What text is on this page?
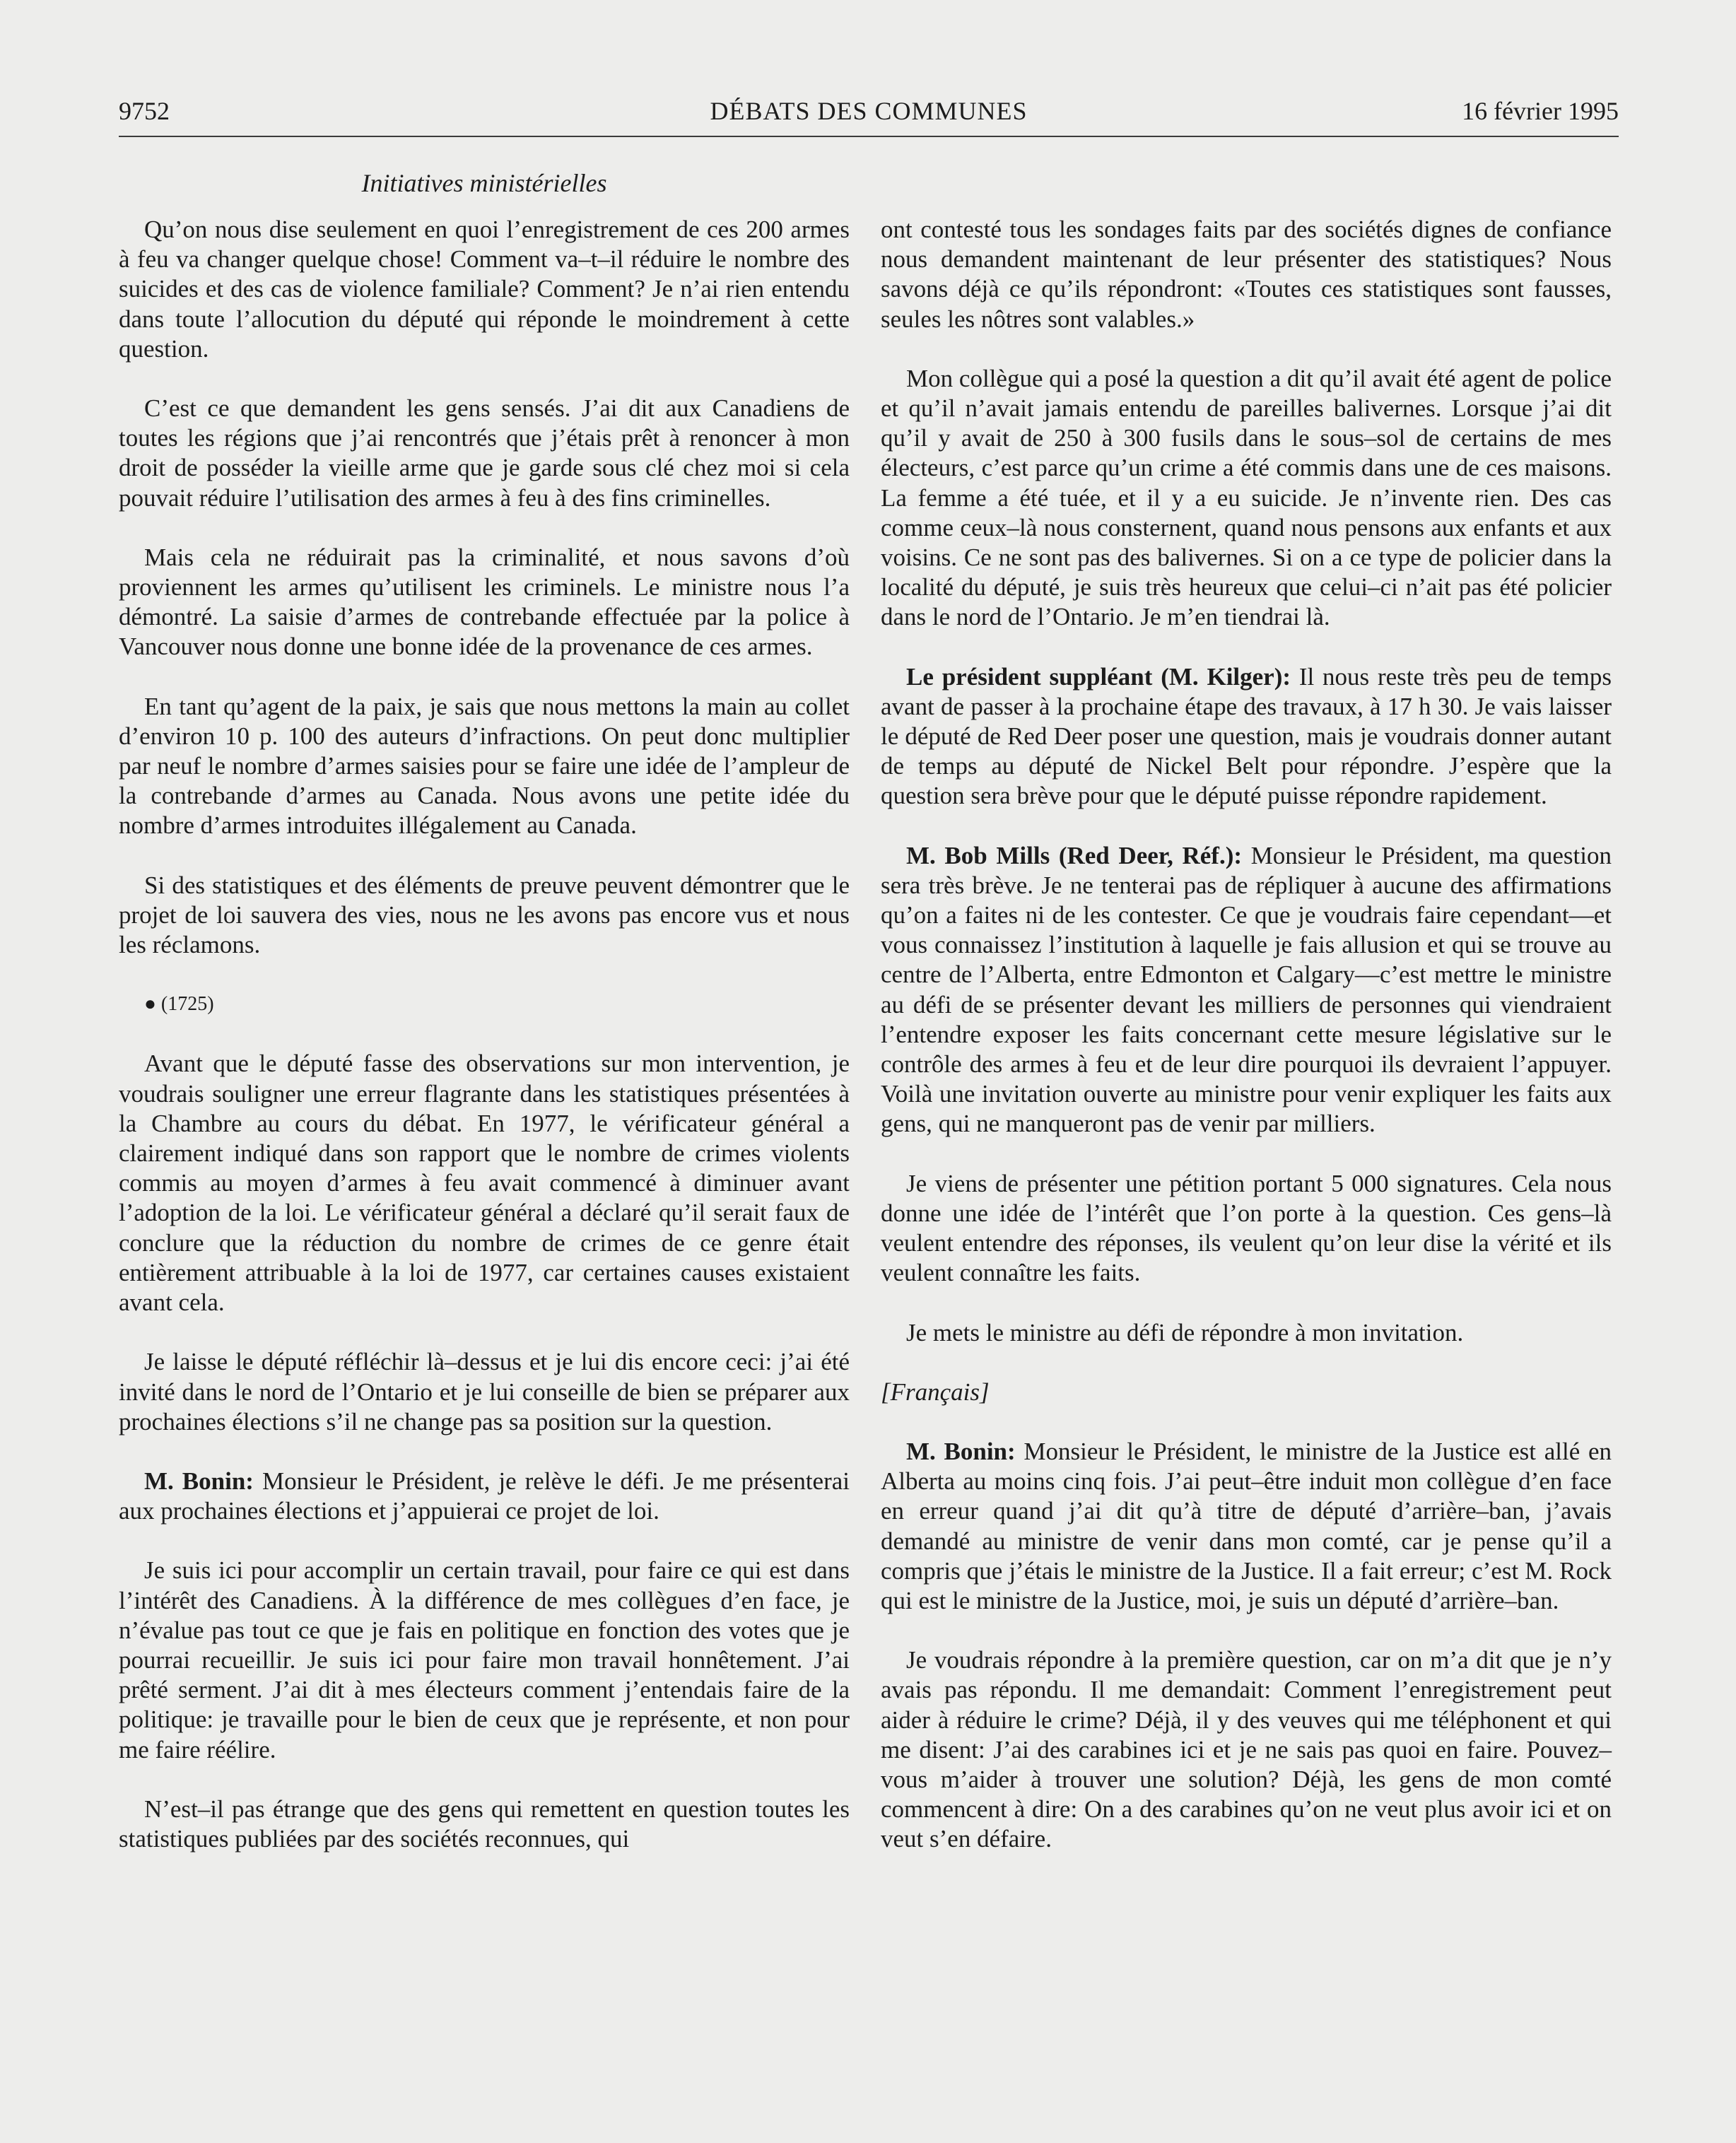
9752	DÉBATS DES COMMUNES	16 février 1995
Initiatives ministérielles

Qu’on nous dise seulement en quoi l’enregistrement de ces 200 armes à feu va changer quelque chose! Comment va–t–il réduire le nombre des suicides et des cas de violence familiale? Comment? Je n’ai rien entendu dans toute l’allocution du député qui réponde le moindrement à cette question.

C’est ce que demandent les gens sensés. J’ai dit aux Canadiens de toutes les régions que j’ai rencontrés que j’étais prêt à renoncer à mon droit de posséder la vieille arme que je garde sous clé chez moi si cela pouvait réduire l’utilisation des armes à feu à des fins criminelles.

Mais cela ne réduirait pas la criminalité, et nous savons d’où proviennent les armes qu’utilisent les criminels. Le ministre nous l’a démontré. La saisie d’armes de contrebande effectuée par la police à Vancouver nous donne une bonne idée de la provenance de ces armes.

En tant qu’agent de la paix, je sais que nous mettons la main au collet d’environ 10 p. 100 des auteurs d’infractions. On peut donc multiplier par neuf le nombre d’armes saisies pour se faire une idée de l’ampleur de la contrebande d’armes au Canada. Nous avons une petite idée du nombre d’armes introduites illégalement au Canada.

Si des statistiques et des éléments de preuve peuvent démontrer que le projet de loi sauvera des vies, nous ne les avons pas encore vus et nous les réclamons.

● (1725)

Avant que le député fasse des observations sur mon intervention, je voudrais souligner une erreur flagrante dans les statistiques présentées à la Chambre au cours du débat. En 1977, le vérificateur général a clairement indiqué dans son rapport que le nombre de crimes violents commis au moyen d’armes à feu avait commencé à diminuer avant l’adoption de la loi. Le vérificateur général a déclaré qu’il serait faux de conclure que la réduction du nombre de crimes de ce genre était entièrement attribuable à la loi de 1977, car certaines causes existaient avant cela.

Je laisse le député réfléchir là–dessus et je lui dis encore ceci: j’ai été invité dans le nord de l’Ontario et je lui conseille de bien se préparer aux prochaines élections s’il ne change pas sa position sur la question.

M. Bonin: Monsieur le Président, je relève le défi. Je me présenterai aux prochaines élections et j’appuierai ce projet de loi.

Je suis ici pour accomplir un certain travail, pour faire ce qui est dans l’intérêt des Canadiens. À la différence de mes collègues d’en face, je n’évalue pas tout ce que je fais en politique en fonction des votes que je pourrai recueillir. Je suis ici pour faire mon travail honnêtement. J’ai prêté serment. J’ai dit à mes électeurs comment j’entendais faire de la politique: je travaille pour le bien de ceux que je représente, et non pour me faire réélire.

N’est–il pas étrange que des gens qui remettent en question toutes les statistiques publiées par des sociétés reconnues, qui

ont contesté tous les sondages faits par des sociétés dignes de confiance nous demandent maintenant de leur présenter des statistiques? Nous savons déjà ce qu’ils répondront: «Toutes ces statistiques sont fausses, seules les nôtres sont valables.»

Mon collègue qui a posé la question a dit qu’il avait été agent de police et qu’il n’avait jamais entendu de pareilles balivernes. Lorsque j’ai dit qu’il y avait de 250 à 300 fusils dans le sous–sol de certains de mes électeurs, c’est parce qu’un crime a été commis dans une de ces maisons. La femme a été tuée, et il y a eu suicide. Je n’invente rien. Des cas comme ceux–là nous consternent, quand nous pensons aux enfants et aux voisins. Ce ne sont pas des balivernes. Si on a ce type de policier dans la localité du député, je suis très heureux que celui–ci n’ait pas été policier dans le nord de l’Ontario. Je m’en tiendrai là.

Le président suppléant (M. Kilger): Il nous reste très peu de temps avant de passer à la prochaine étape des travaux, à 17 h 30. Je vais laisser le député de Red Deer poser une question, mais je voudrais donner autant de temps au député de Nickel Belt pour répondre. J’espère que la question sera brève pour que le député puisse répondre rapidement.

M. Bob Mills (Red Deer, Réf.): Monsieur le Président, ma question sera très brève. Je ne tenterai pas de répliquer à aucune des affirmations qu’on a faites ni de les contester. Ce que je voudrais faire cependant—et vous connaissez l’institution à laquelle je fais allusion et qui se trouve au centre de l’Alberta, entre Edmonton et Calgary—c’est mettre le ministre au défi de se présenter devant les milliers de personnes qui viendraient l’entendre exposer les faits concernant cette mesure législative sur le contrôle des armes à feu et de leur dire pourquoi ils devraient l’appuyer. Voilà une invitation ouverte au ministre pour venir expliquer les faits aux gens, qui ne manqueront pas de venir par milliers.

Je viens de présenter une pétition portant 5 000 signatures. Cela nous donne une idée de l’intérêt que l’on porte à la question. Ces gens–là veulent entendre des réponses, ils veulent qu’on leur dise la vérité et ils veulent connaître les faits.

Je mets le ministre au défi de répondre à mon invitation.

[Français]

M. Bonin: Monsieur le Président, le ministre de la Justice est allé en Alberta au moins cinq fois. J’ai peut–être induit mon collègue d’en face en erreur quand j’ai dit qu’à titre de député d’arrière–ban, j’avais demandé au ministre de venir dans mon comté, car je pense qu’il a compris que j’étais le ministre de la Justice. Il a fait erreur; c’est M. Rock qui est le ministre de la Justice, moi, je suis un député d’arrière–ban.

Je voudrais répondre à la première question, car on m’a dit que je n’y avais pas répondu. Il me demandait: Comment l’enregistrement peut aider à réduire le crime? Déjà, il y des veuves qui me téléphonent et qui me disent: J’ai des carabines ici et je ne sais pas quoi en faire. Pouvez–vous m’aider à trouver une solution? Déjà, les gens de mon comté commencent à dire: On a des carabines qu’on ne veut plus avoir ici et on veut s’en défaire.
